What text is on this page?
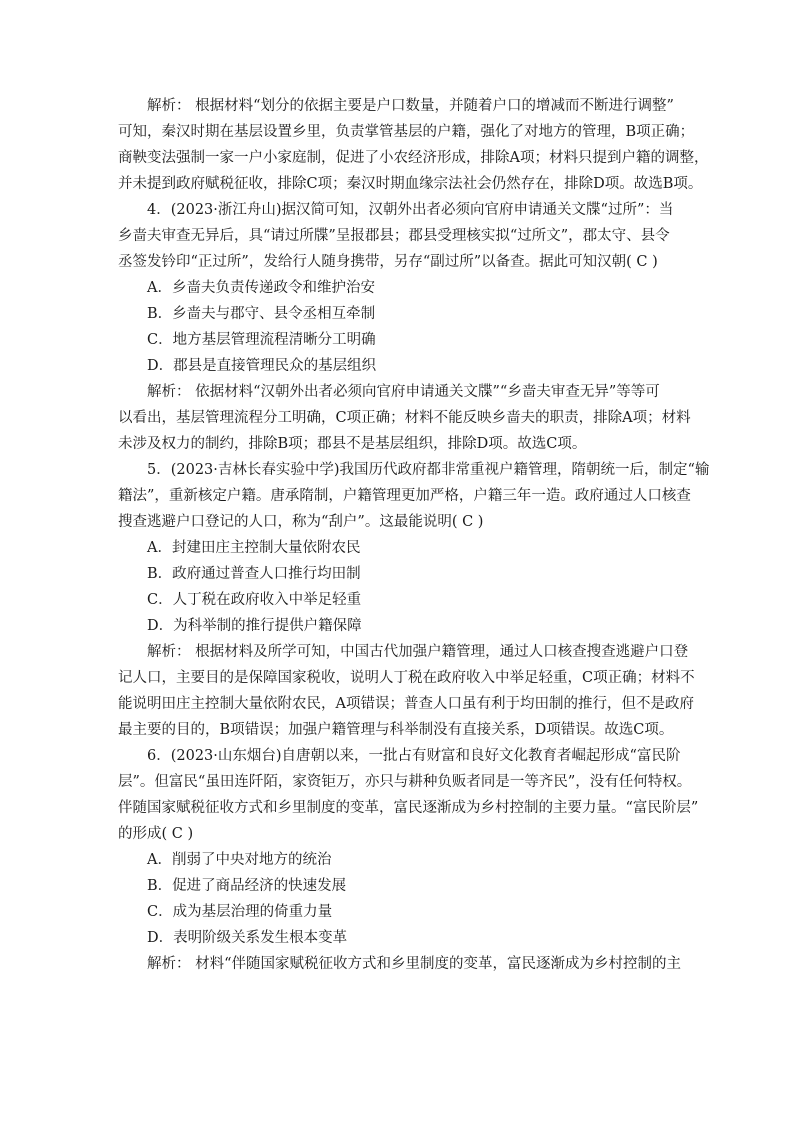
解析： 根据材料“划分的依据主要是户口数量，并随着户口的增减而不断进行调整”
可知，秦汉时期在基层设置乡里，负责掌管基层的户籍，强化了对地方的管理，B项正确；
商鞅变法强制一家一户小家庭制，促进了小农经济形成，排除A项；材料只提到户籍的调整，
并未提到政府赋税征收，排除C项；秦汉时期血缘宗法社会仍然存在，排除D项。故选B项。
4．(2023·浙江舟山)据汉简可知，汉朝外出者必须向官府申请通关文牒“过所”：当
乡啬夫审查无异后，具“请过所牒”呈报郡县；郡县受理核实拟“过所文”，郡太守、县令
丞签发钤印“正过所”，发给行人随身携带，另存“副过所”以备查。据此可知汉朝( C )
A．乡啬夫负责传递政令和维护治安
B．乡啬夫与郡守、县令丞相互牵制
C．地方基层管理流程清晰分工明确
D．郡县是直接管理民众的基层组织
解析： 依据材料“汉朝外出者必须向官府申请通关文牒”“乡啬夫审查无异”等等可
以看出，基层管理流程分工明确，C项正确；材料不能反映乡啬夫的职责，排除A项；材料
未涉及权力的制约，排除B项；郡县不是基层组织，排除D项。故选C项。
5．(2023·吉林长春实验中学)我国历代政府都非常重视户籍管理，隋朝统一后，制定“输
籍法”，重新核定户籍。唐承隋制，户籍管理更加严格，户籍三年一造。政府通过人口核查
搜查逃避户口登记的人口，称为“刮户”。这最能说明( C )
A．封建田庄主控制大量依附农民
B．政府通过普查人口推行均田制
C．人丁税在政府收入中举足轻重
D．为科举制的推行提供户籍保障
解析： 根据材料及所学可知，中国古代加强户籍管理，通过人口核查搜查逃避户口登
记人口，主要目的是保障国家税收，说明人丁税在政府收入中举足轻重，C项正确；材料不
能说明田庄主控制大量依附农民，A项错误；普查人口虽有利于均田制的推行，但不是政府
最主要的目的，B项错误；加强户籍管理与科举制没有直接关系，D项错误。故选C项。
6．(2023·山东烟台)自唐朝以来，一批占有财富和良好文化教育者崛起形成“富民阶
层”。但富民“虽田连阡陌，家资钜万，亦只与耕种负贩者同是一等齐民”，没有任何特权。
伴随国家赋税征收方式和乡里制度的变革，富民逐渐成为乡村控制的主要力量。“富民阶层”
的形成( C )
A．削弱了中央对地方的统治
B．促进了商品经济的快速发展
C．成为基层治理的倚重力量
D．表明阶级关系发生根本变革
解析： 材料“伴随国家赋税征收方式和乡里制度的变革，富民逐渐成为乡村控制的主
